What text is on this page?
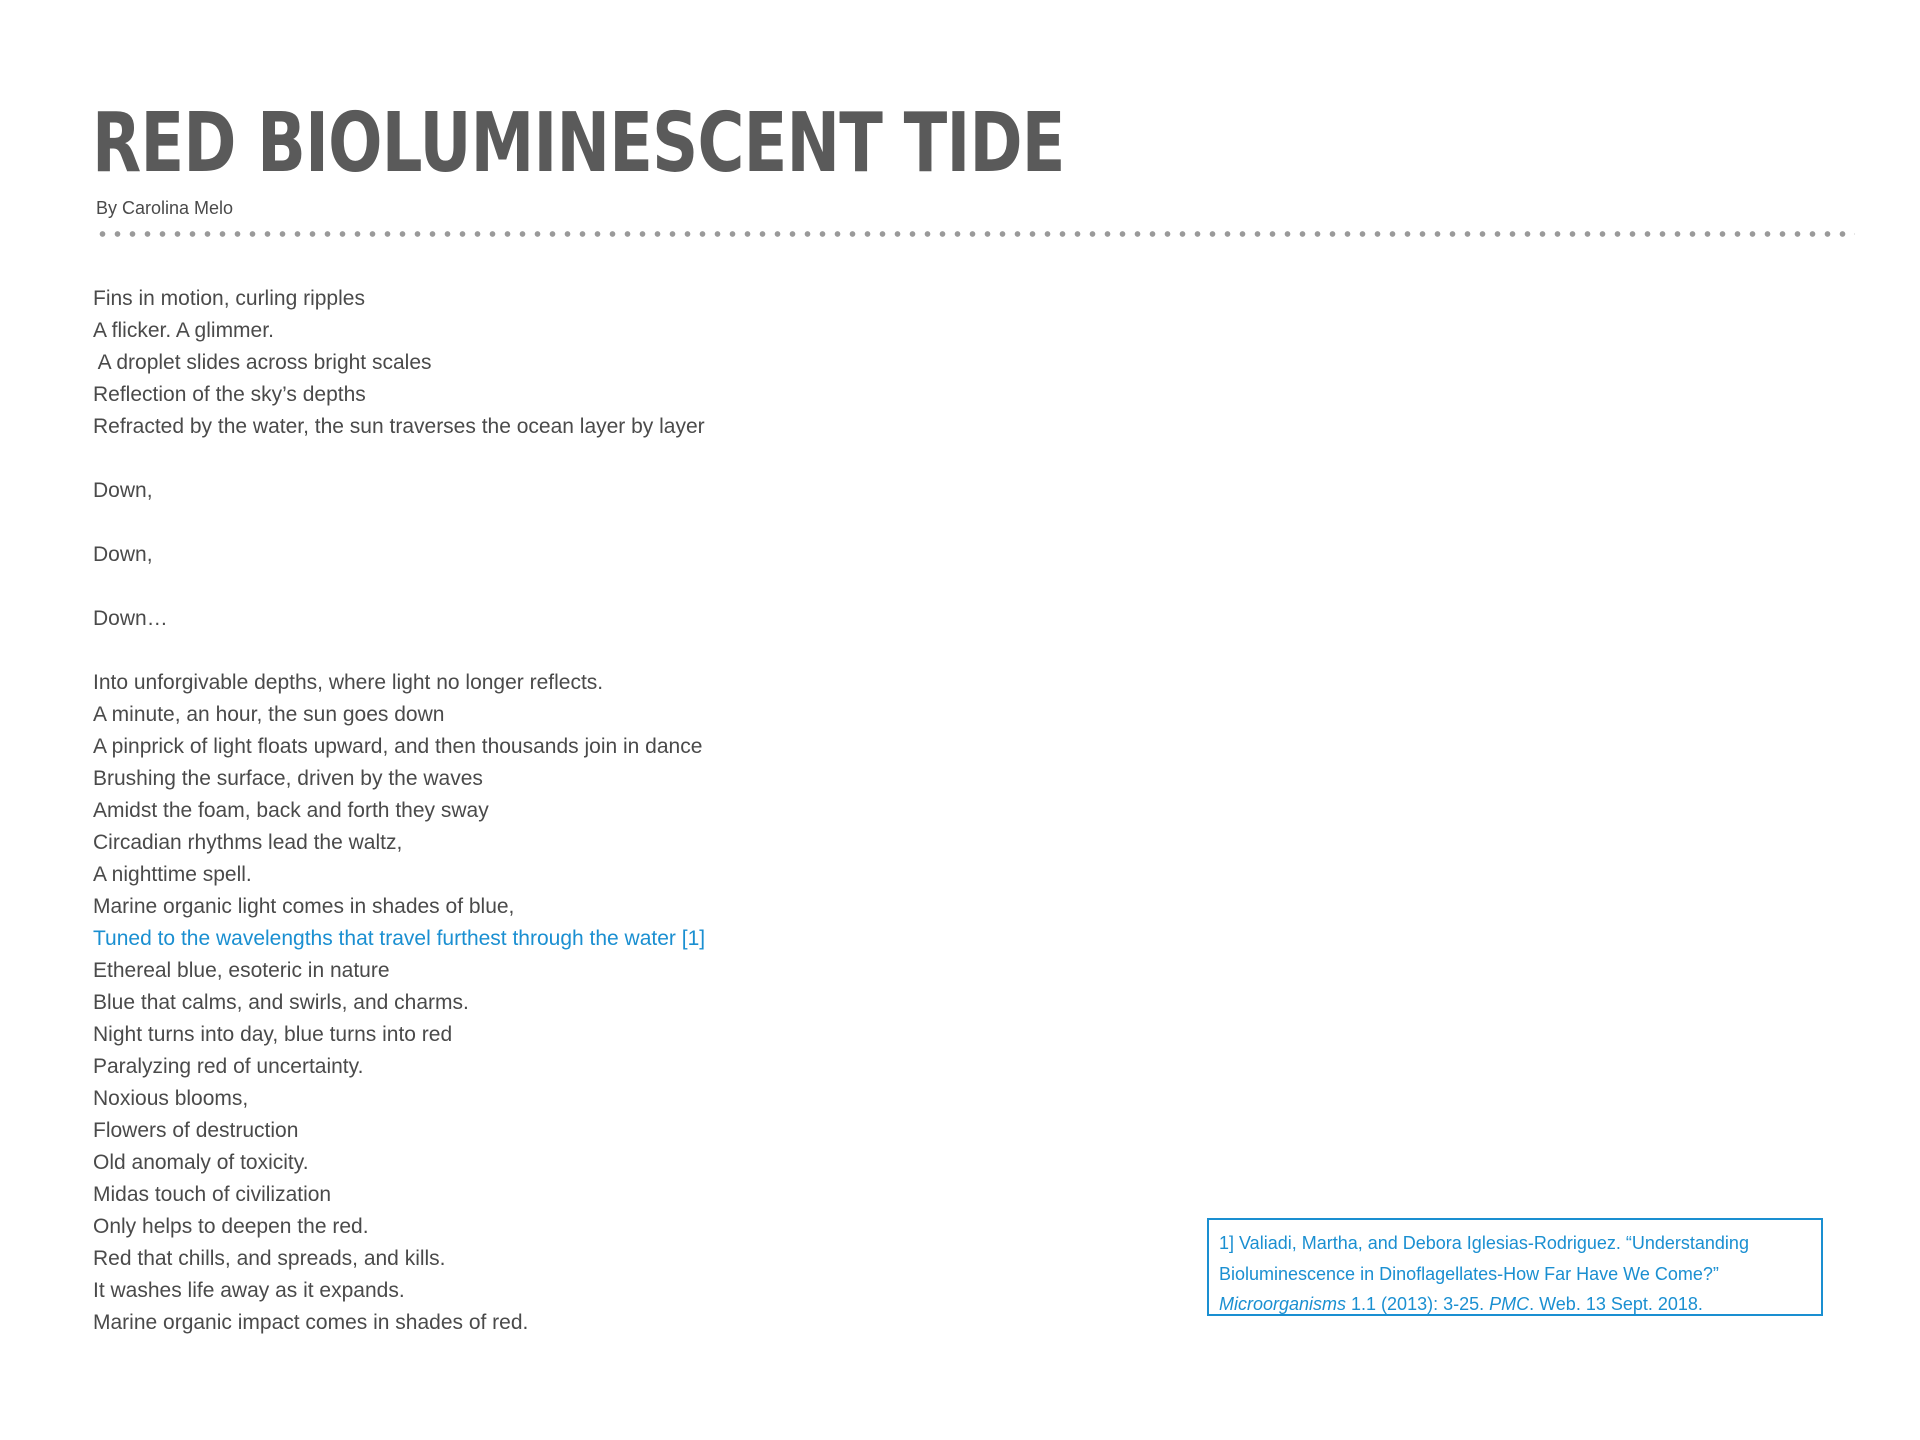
RED BIOLUMINESCENT TIDE
By Carolina Melo
Fins in motion, curling ripples
A flicker. A glimmer.
A droplet slides across bright scales
Reflection of the sky’s depths
Refracted by the water, the sun traverses the ocean layer by layer
Down,
Down,
Down…
Into unforgivable depths, where light no longer reflects.
A minute, an hour, the sun goes down
A pinprick of light floats upward, and then thousands join in dance
Brushing the surface, driven by the waves
Amidst the foam, back and forth they sway
Circadian rhythms lead the waltz,
A nighttime spell.
Marine organic light comes in shades of blue,
Tuned to the wavelengths that travel furthest through the water [1]
Ethereal blue, esoteric in nature
Blue that calms, and swirls, and charms.
Night turns into day, blue turns into red
Paralyzing red of uncertainty.
Noxious blooms,
Flowers of destruction
Old anomaly of toxicity.
Midas touch of civilization
Only helps to deepen the red.
Red that chills, and spreads, and kills.
It washes life away as it expands.
Marine organic impact comes in shades of red.
1] Valiadi, Martha, and Debora Iglesias-Rodriguez. “Understanding
Bioluminescence in Dinoflagellates-How Far Have We Come?”
Microorganisms 1.1 (2013): 3-25. PMC. Web. 13 Sept. 2018.
